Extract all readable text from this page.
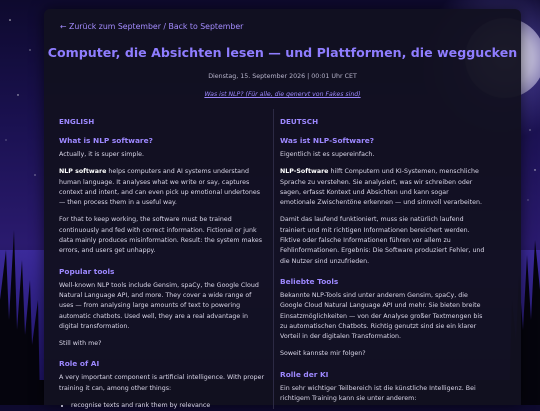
← Zurück zum September / Back to September
Computer, die Absichten lesen — und Plattformen, die weggucken
Dienstag, 15. September 2026 | 00:01 Uhr CET
Was ist NLP? (Für alle, die genervt von Fakes sind)
ENGLISH
What is NLP software?

Actually, it is super simple.

NLP software helps computers and AI systems understand human language. It analyses what we write or say, captures context and intent, and can even pick up emotional undertones — then process them in a useful way.

For that to keep working, the software must be trained continuously and fed with correct information. Fictional or junk data mainly produces misinformation. Result: the system makes errors, and users get unhappy.

Popular tools

Well-known NLP tools include Gensim, spaCy, the Google Cloud Natural Language API, and more. They cover a wide range of uses — from analysing large amounts of text to powering automatic chatbots. Used well, they are a real advantage in digital transformation.

Still with me?

Role of AI

A very important component is artificial intelligence. With proper training it can, among other things:

• recognise texts and rank them by relevance
DEUTSCH
Was ist NLP-Software?

Eigentlich ist es supereinfach.

NLP-Software hilft Computern und KI-Systemen, menschliche Sprache zu verstehen. Sie analysiert, was wir schreiben oder sagen, erfasst Kontext und Absichten und kann sogar emotionale Zwischentöne erkennen — und sinnvoll verarbeiten.

Damit das laufend funktioniert, muss sie natürlich laufend trainiert und mit richtigen Informationen bereichert werden. Fiktive oder falsche Informationen führen vor allem zu Fehlinformationen. Ergebnis: Die Software produziert Fehler, und die Nutzer sind unzufrieden.

Beliebte Tools

Bekannte NLP-Tools sind unter anderem Gensim, spaCy, die Google Cloud Natural Language API und mehr. Sie bieten breite Einsatzmöglichkeiten — von der Analyse großer Textmengen bis zu automatischen Chatbots. Richtig genutzt sind sie ein klarer Vorteil in der digitalen Transformation.

Soweit kannste mir folgen?

Rolle der KI

Ein sehr wichtiger Teilbereich ist die künstliche Intelligenz. Bei richtigem Training kann sie unter anderem:
